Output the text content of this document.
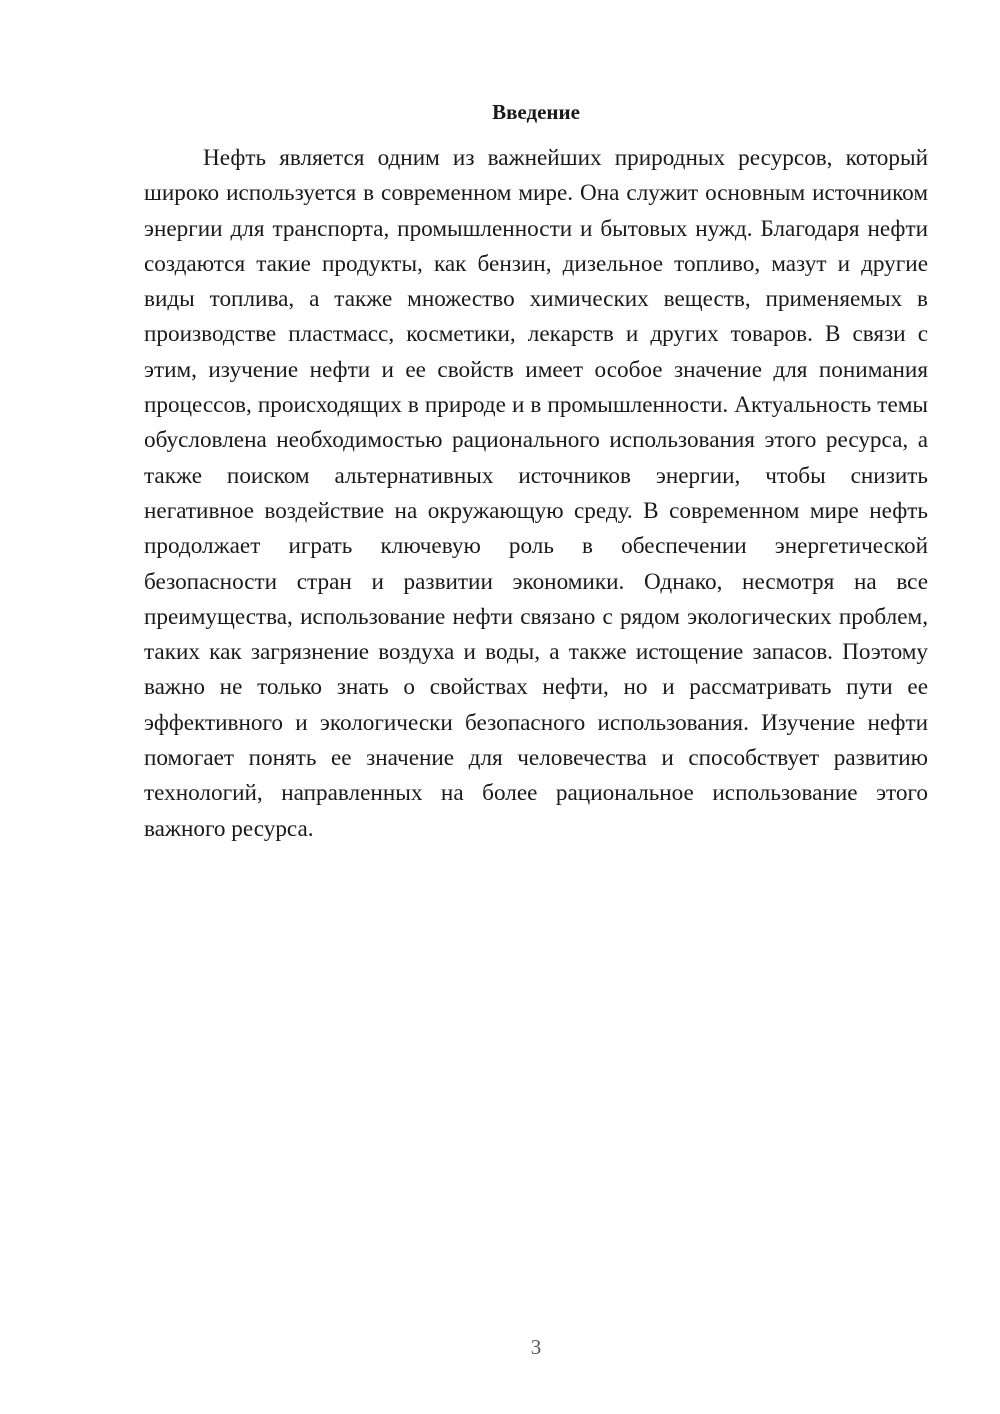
Введение

Нефть является одним из важнейших природных ресурсов, который широко используется в современном мире. Она служит основным источником энергии для транспорта, промышленности и бытовых нужд. Благодаря нефти создаются такие продукты, как бензин, дизельное топливо, мазут и другие виды топлива, а также множество химических веществ, применяемых в производстве пластмасс, косметики, лекарств и других товаров. В связи с этим, изучение нефти и ее свойств имеет особое значение для понимания процессов, происходящих в природе и в промышленности. Актуальность темы обусловлена необходимостью рационального использования этого ресурса, а также поиском альтернативных источников энергии, чтобы снизить негативное воздействие на окружающую среду. В современном мире нефть продолжает играть ключевую роль в обеспечении энергетической безопасности стран и развитии экономики. Однако, несмотря на все преимущества, использование нефти связано с рядом экологических проблем, таких как загрязнение воздуха и воды, а также истощение запасов. Поэтому важно не только знать о свойствах нефти, но и рассматривать пути ее эффективного и экологически безопасного использования. Изучение нефти помогает понять ее значение для человечества и способствует развитию технологий, направленных на более рациональное использование этого важного ресурса.

3
